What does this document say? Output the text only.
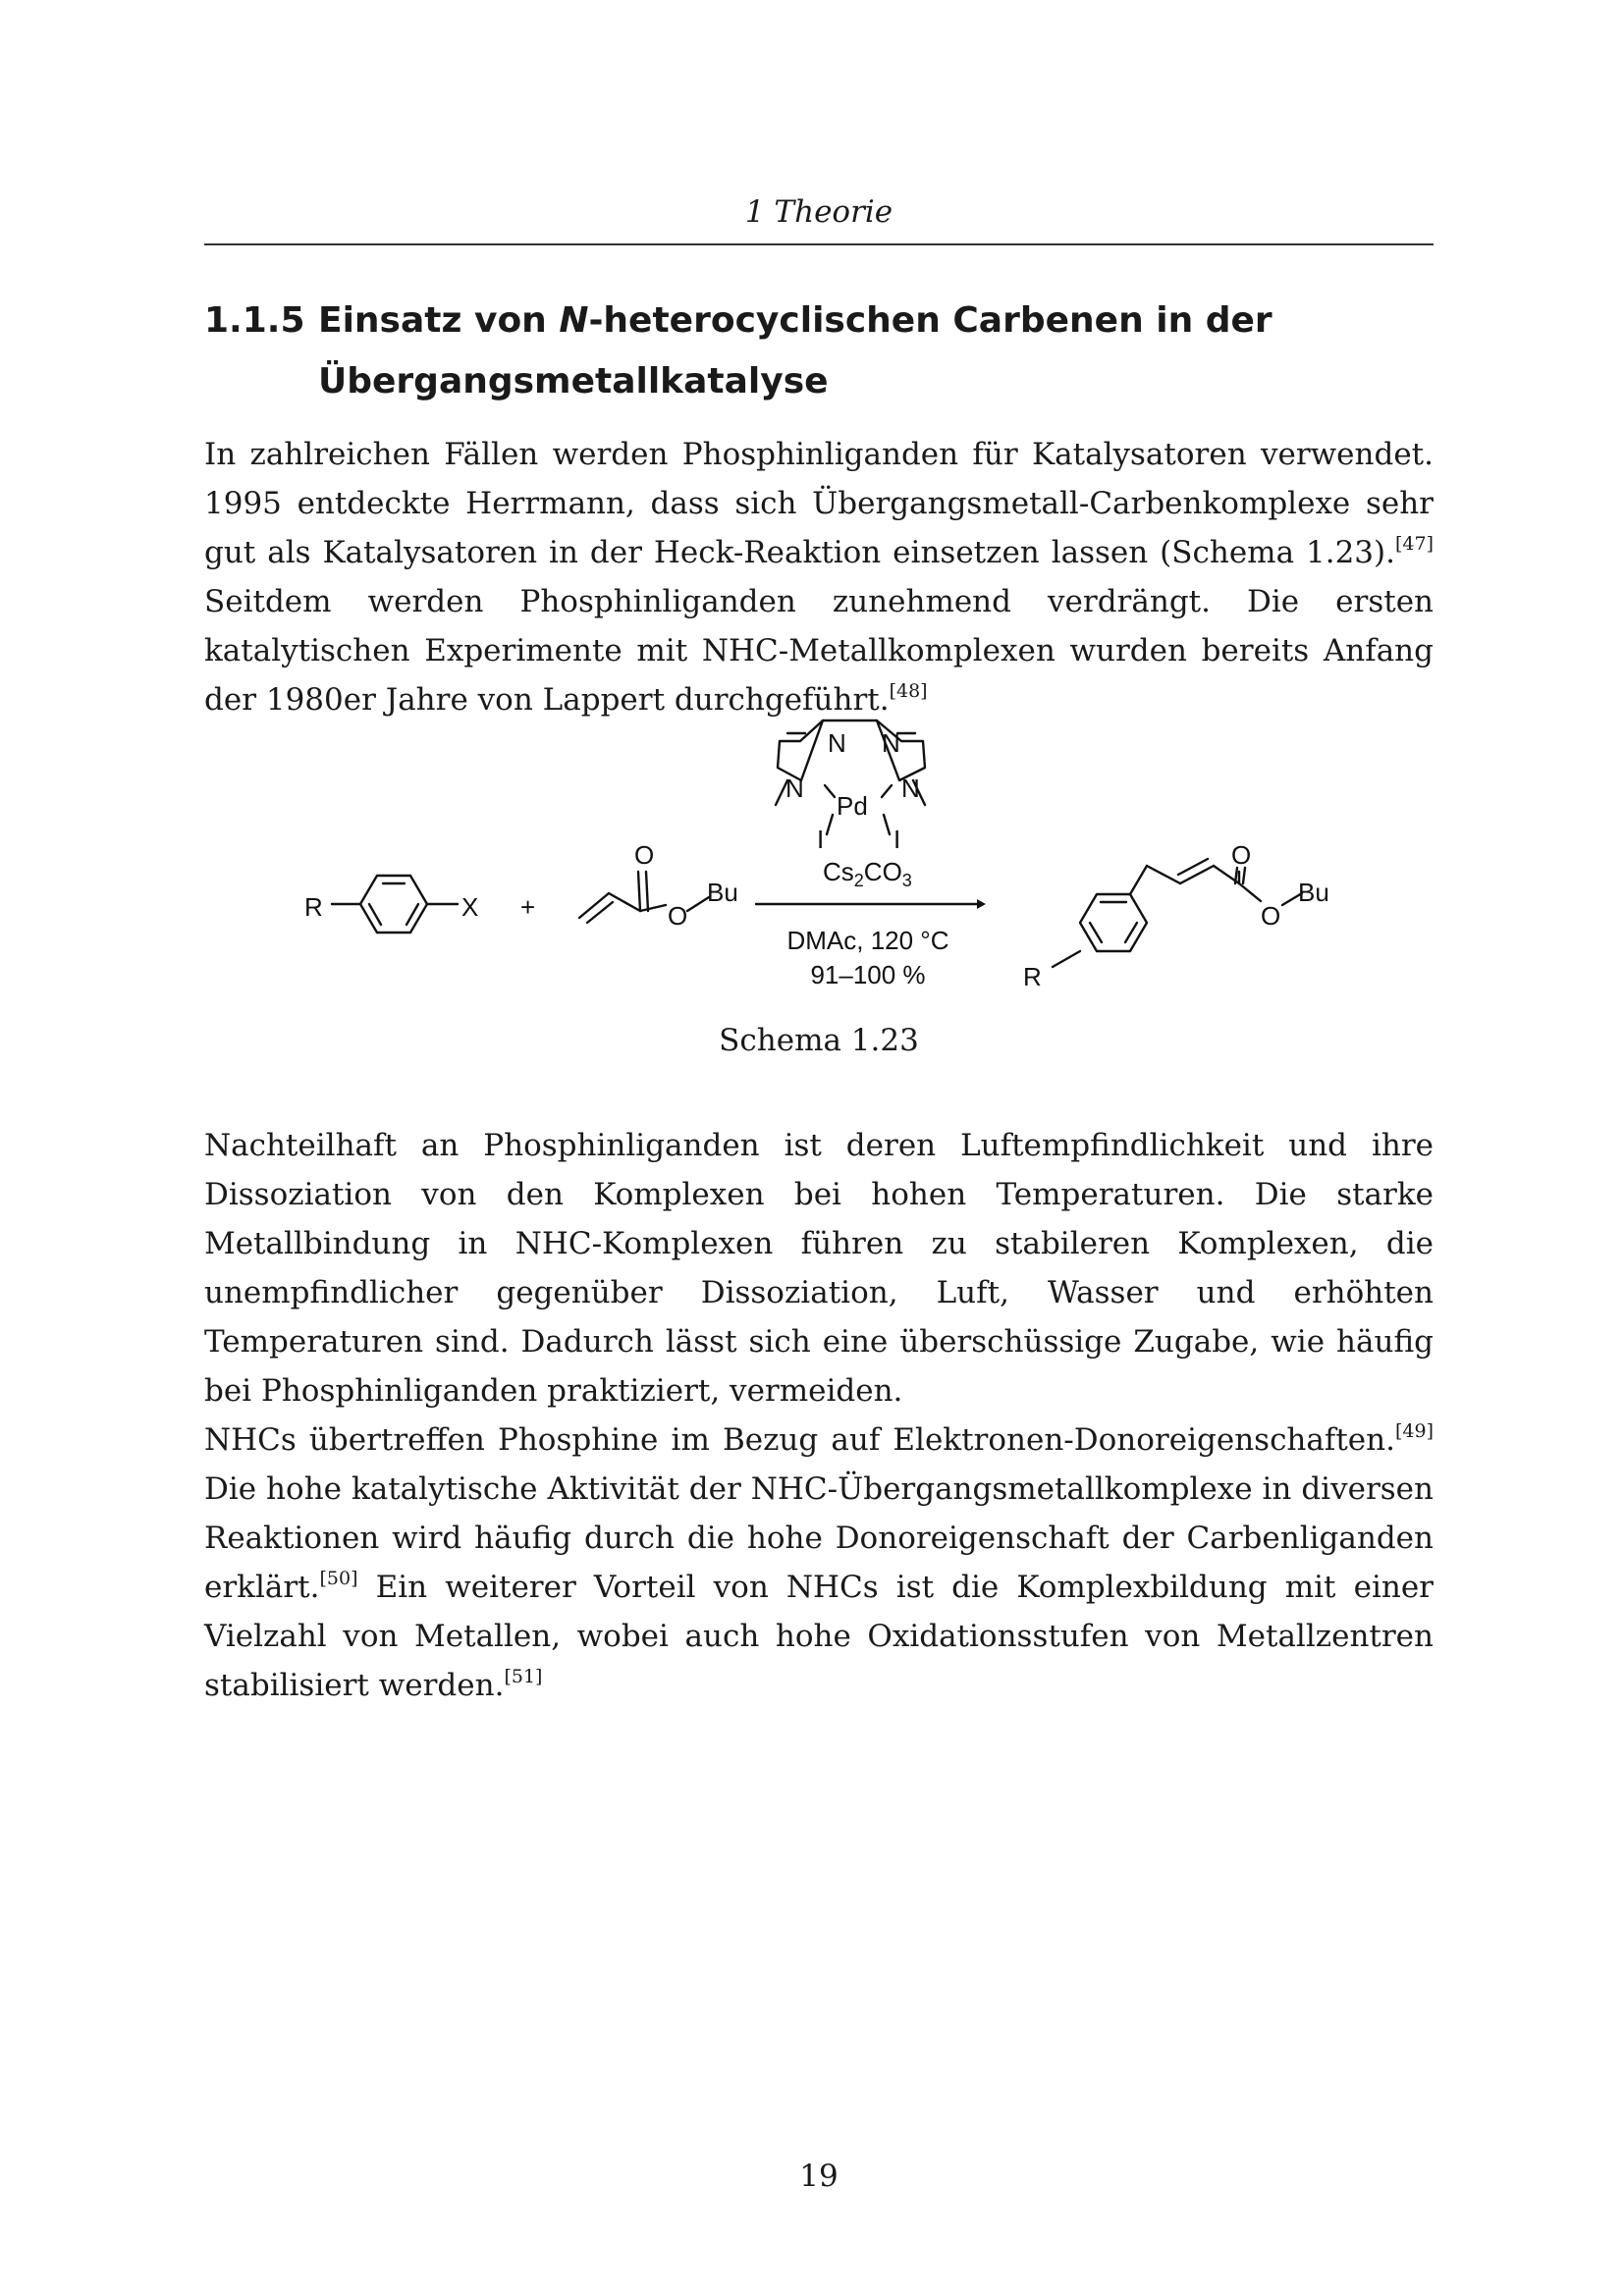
1 Theorie
1.1.5 Einsatz von N-heterocyclischen Carbenen in der
Übergangsmetallkatalyse

In zahlreichen Fällen werden Phosphinliganden für Katalysatoren verwendet. 1995 entdeckte Herrmann, dass sich Übergangsmetall-Carbenkomplexe sehr gut als Katalysatoren in der Heck-Reaktion einsetzen lassen (Schema 1.23).[47] Seitdem werden Phosphinliganden zunehmend verdrängt. Die ersten katalytischen Experimente mit NHC-Metallkomplexen wurden bereits Anfang der 1980er Jahre von Lappert durchgeführt.[48]

R	X +
O
O
Bu
N N
N	N
Pd
I	I
$Cs_2CO_3$
DMAc, 120 °C
91–100 %	R
O
O
Bu
Schema 1.23

Nachteilhaft an Phosphinliganden ist deren Luftempfindlichkeit und ihre Dissoziation von den Komplexen bei hohen Temperaturen. Die starke Metallbindung in NHC-Komplexen führen zu stabileren Komplexen, die unempfindlicher gegenüber Dissoziation, Luft, Wasser und erhöhten Temperaturen sind. Dadurch lässt sich eine überschüssige Zugabe, wie häufig bei Phosphinliganden praktiziert, vermeiden.

NHCs übertreffen Phosphine im Bezug auf Elektronen-Donoreigenschaften.[49] Die hohe katalytische Aktivität der NHC-Übergangsmetallkomplexe in diversen Reaktionen wird häufig durch die hohe Donoreigenschaft der Carbenliganden erklärt.[50] Ein weiterer Vorteil von NHCs ist die Komplexbildung mit einer Vielzahl von Metallen, wobei auch hohe Oxidationsstufen von Metallzentren stabilisiert werden.[51]

19
